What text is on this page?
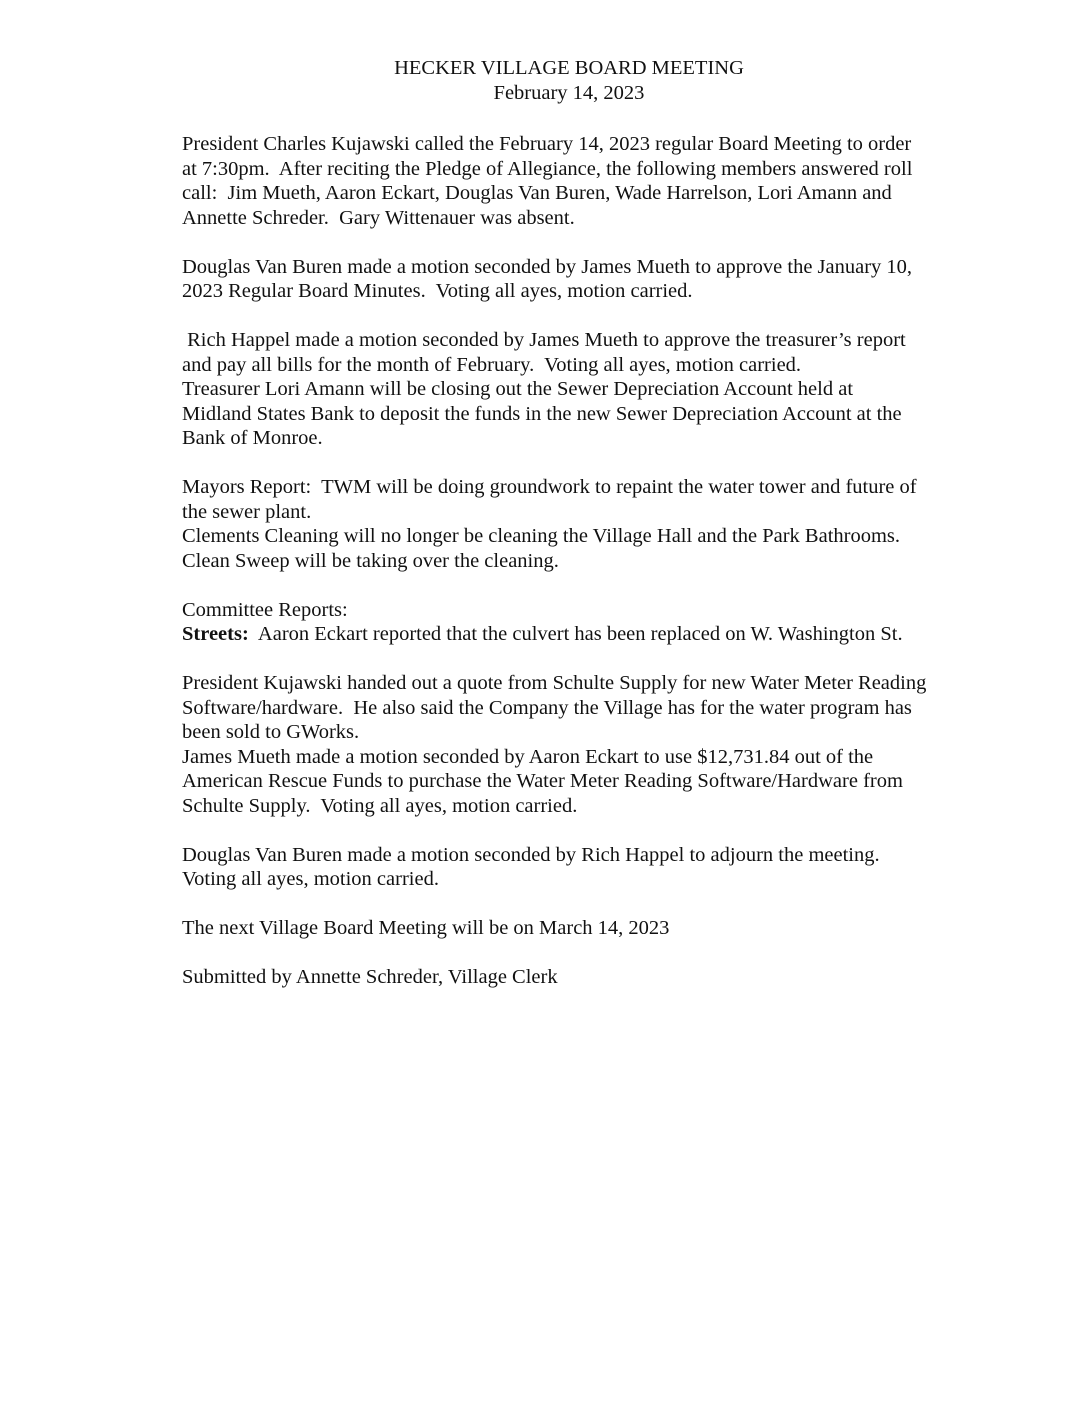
HECKER VILLAGE BOARD MEETING
February 14, 2023
President Charles Kujawski called the February 14, 2023 regular Board Meeting to order
at 7:30pm.  After reciting the Pledge of Allegiance, the following members answered roll
call:  Jim Mueth, Aaron Eckart, Douglas Van Buren, Wade Harrelson, Lori Amann and
Annette Schreder.  Gary Wittenauer was absent.
Douglas Van Buren made a motion seconded by James Mueth to approve the January 10,
2023 Regular Board Minutes.  Voting all ayes, motion carried.
Rich Happel made a motion seconded by James Mueth to approve the treasurer’s report
and pay all bills for the month of February.  Voting all ayes, motion carried.
Treasurer Lori Amann will be closing out the Sewer Depreciation Account held at
Midland States Bank to deposit the funds in the new Sewer Depreciation Account at the
Bank of Monroe.
Mayors Report:  TWM will be doing groundwork to repaint the water tower and future of
the sewer plant.
Clements Cleaning will no longer be cleaning the Village Hall and the Park Bathrooms.
Clean Sweep will be taking over the cleaning.
Committee Reports:
Streets:  Aaron Eckart reported that the culvert has been replaced on W. Washington St.
President Kujawski handed out a quote from Schulte Supply for new Water Meter Reading
Software/hardware.  He also said the Company the Village has for the water program has
been sold to GWorks.
James Mueth made a motion seconded by Aaron Eckart to use $12,731.84 out of the
American Rescue Funds to purchase the Water Meter Reading Software/Hardware from
Schulte Supply.  Voting all ayes, motion carried.
Douglas Van Buren made a motion seconded by Rich Happel to adjourn the meeting.
Voting all ayes, motion carried.
The next Village Board Meeting will be on March 14, 2023
Submitted by Annette Schreder, Village Clerk
